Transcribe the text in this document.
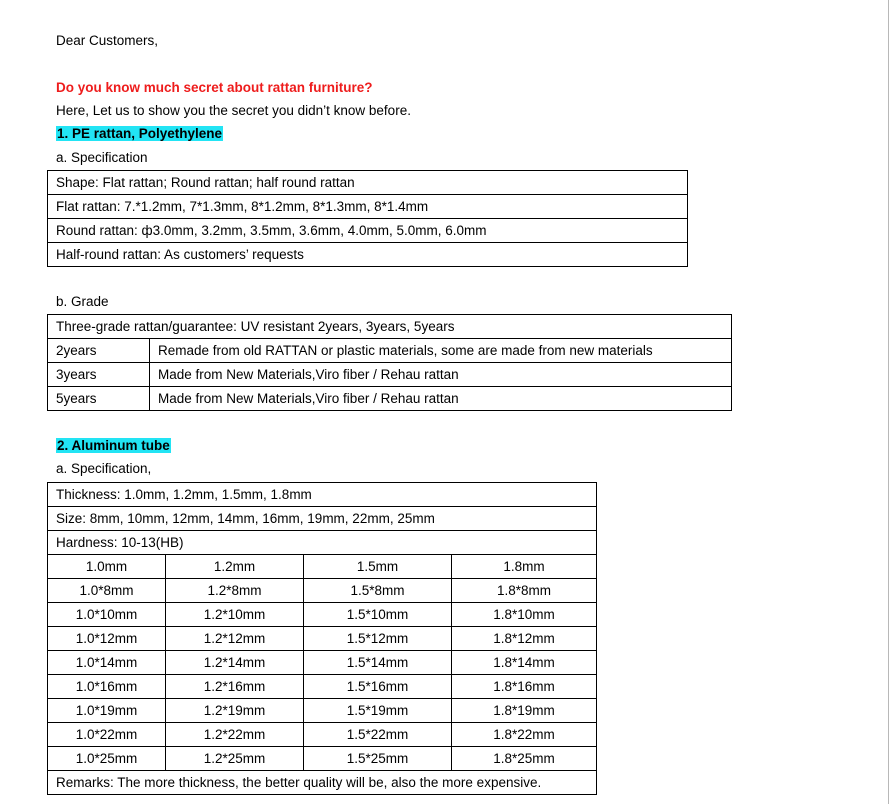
Dear Customers,
Do you know much secret about rattan furniture?
Here, Let us to show you the secret you didn’t know before.
1. PE rattan, Polyethylene
a. Specification
Shape: Flat rattan; Round rattan; half round rattan
Flat rattan: 7.*1.2mm, 7*1.3mm, 8*1.2mm, 8*1.3mm, 8*1.4mm
Round rattan: ф3.0mm, 3.2mm, 3.5mm, 3.6mm, 4.0mm, 5.0mm, 6.0mm
Half-round rattan: As customers’ requests
b. Grade
Three-grade rattan/guarantee: UV resistant 2years, 3years, 5years	
2years	Remade from old RATTAN or plastic materials, some are made from new materials
3years	Made from New Materials,Viro fiber / Rehau rattan
5years	Made from New Materials,Viro fiber / Rehau rattan
2. Aluminum tube
a. Specification,
Thickness: 1.0mm, 1.2mm, 1.5mm, 1.8mm			
Size: 8mm, 10mm, 12mm, 14mm, 16mm, 19mm, 22mm, 25mm			
Hardness: 10-13(HB)			
1.0mm	1.2mm	1.5mm	1.8mm
1.0*8mm	1.2*8mm	1.5*8mm	1.8*8mm
1.0*10mm	1.2*10mm	1.5*10mm	1.8*10mm
1.0*12mm	1.2*12mm	1.5*12mm	1.8*12mm
1.0*14mm	1.2*14mm	1.5*14mm	1.8*14mm
1.0*16mm	1.2*16mm	1.5*16mm	1.8*16mm
1.0*19mm	1.2*19mm	1.5*19mm	1.8*19mm
1.0*22mm	1.2*22mm	1.5*22mm	1.8*22mm
1.0*25mm	1.2*25mm	1.5*25mm	1.8*25mm
Remarks: The more thickness, the better quality will be, also the more expensive.			
